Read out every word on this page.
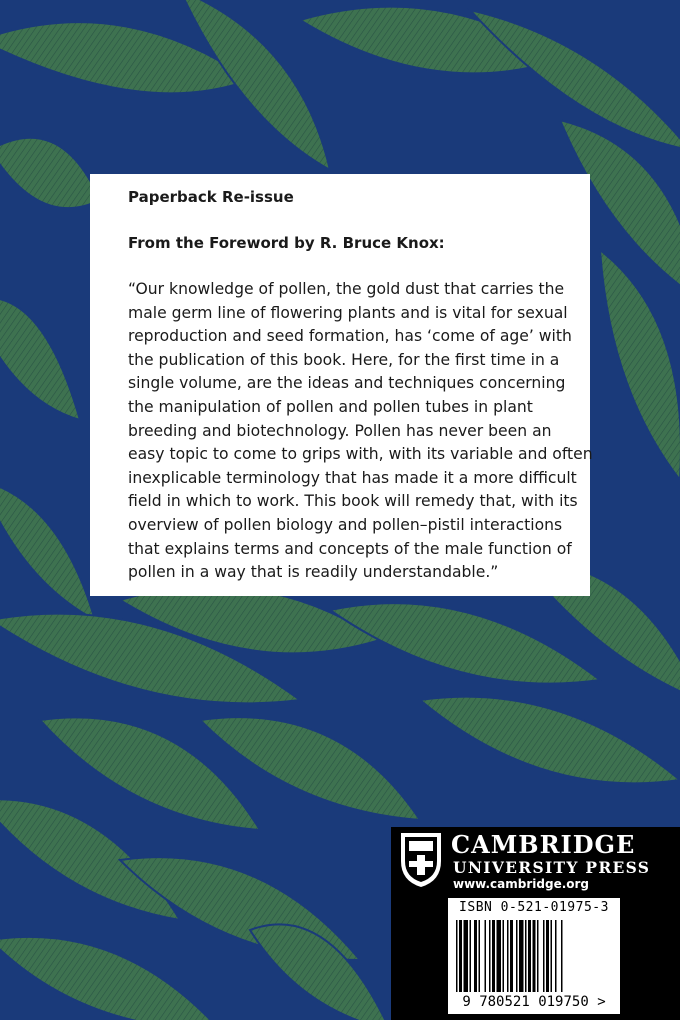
Paperback Re-issue
From the Foreword by R. Bruce Knox:
“Our knowledge of pollen, the gold dust that carries the
male germ line of flowering plants and is vital for sexual
reproduction and seed formation, has ‘come of age’ with
the publication of this book. Here, for the first time in a
single volume, are the ideas and techniques concerning
the manipulation of pollen and pollen tubes in plant
breeding and biotechnology. Pollen has never been an
easy topic to come to grips with, with its variable and often
inexplicable terminology that has made it a more difficult
field in which to work. This book will remedy that, with its
overview of pollen biology and pollen–pistil interactions
that explains terms and concepts of the male function of
pollen in a way that is readily understandable.”
CAMBRIDGE
UNIVERSITY PRESS
www.cambridge.org
ISBN 0-521-01975-3
9 780521 019750 >
